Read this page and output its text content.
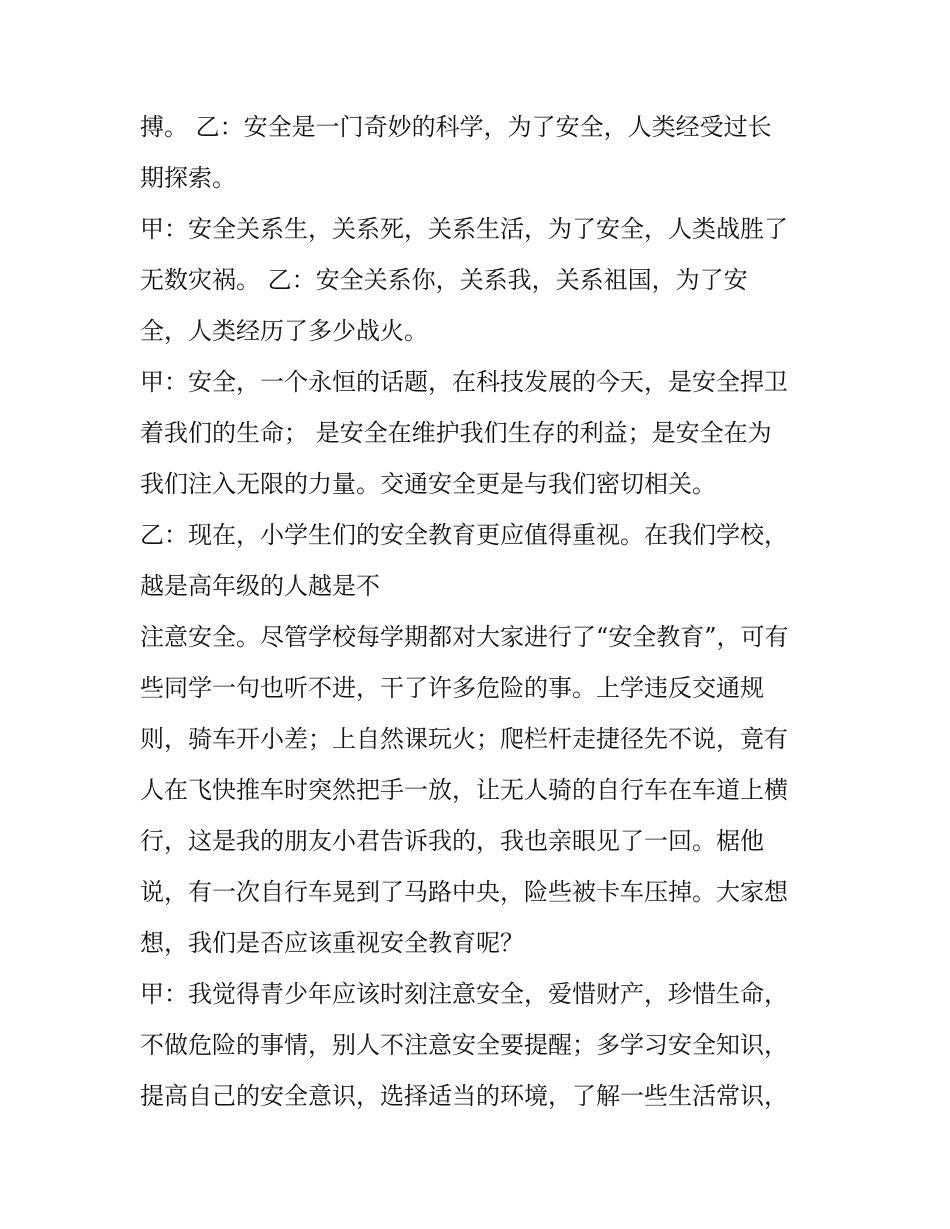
搏。 乙：安全是一门奇妙的科学，为了安全，人类经受过长
期探索。
甲：安全关系生，关系死，关系生活，为了安全，人类战胜了
无数灾祸。 乙：安全关系你，关系我，关系祖国，为了安
全，人类经历了多少战火。
甲：安全，一个永恒的话题，在科技发展的今天，是安全捍卫
着我们的生命； 是安全在维护我们生存的利益；是安全在为
我们注入无限的力量。交通安全更是与我们密切相关。
乙：现在，小学生们的安全教育更应值得重视。在我们学校，
越是高年级的人越是不
注意安全。尽管学校每学期都对大家进行了“安全教育”，可有
些同学一句也听不进，干了许多危险的事。上学违反交通规
则，骑车开小差；上自然课玩火；爬栏杆走捷径先不说，竟有
人在飞快推车时突然把手一放，让无人骑的自行车在车道上横
行，这是我的朋友小君告诉我的，我也亲眼见了一回。椐他
说，有一次自行车晃到了马路中央，险些被卡车压掉。大家想
想，我们是否应该重视安全教育呢？
甲：我觉得青少年应该时刻注意安全，爱惜财产，珍惜生命，
不做危险的事情，别人不注意安全要提醒；多学习安全知识，
提高自己的安全意识，选择适当的环境，了解一些生活常识，
